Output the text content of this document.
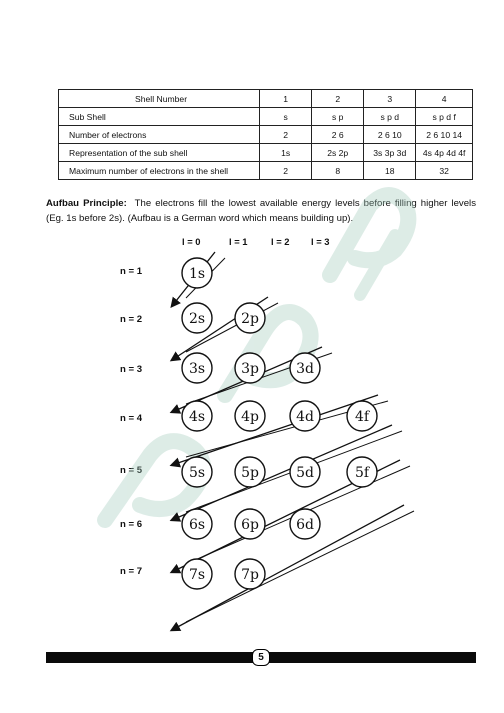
Shell Number	1	2	3	4
Sub Shell	s	s p	s p d	s p d f
Number of electrons	2	2 6	2 6 10	2 6 10 14
Representation of the sub shell	1s	2s 2p	3s 3p 3d	4s 4p 4d 4f
Maximum number of electrons in the shell	2	8	18	32
Aufbau Principle: The electrons fill the lowest available energy levels before filling higher levels (Eg. 1s before 2s). (Aufbau is a German word which means building up).
l = 0	l = 1 l = 2 l = 3
n = 1
n = 2
n = 3
n = 4
n = 5
n = 6
n = 7
1s
2s	2p
3s	3p	3d
4s	4p	4d	4f
5s	5p	5d	5f
6s	6p	6d
7s	7p
5
